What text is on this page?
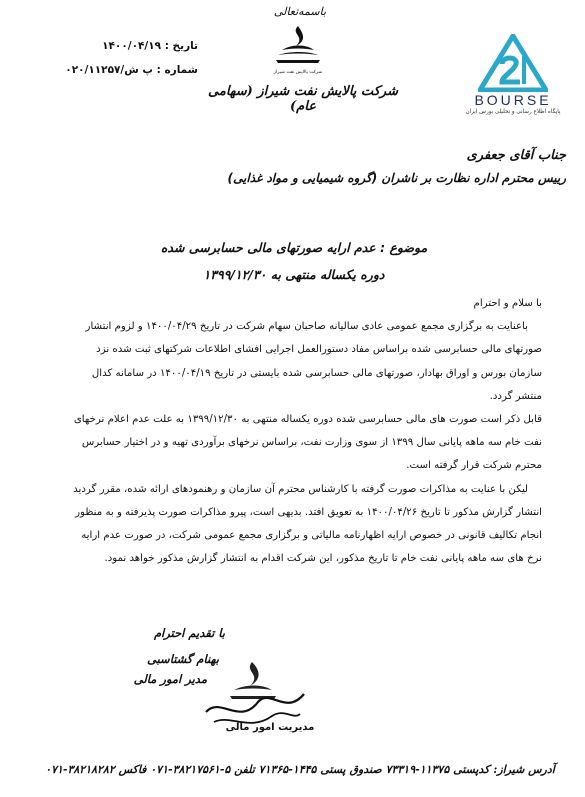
باسمه‌تعالی
تاریخ : ۱۴۰۰/۰۴/۱۹
شماره : پ ش/۰۲۰/۱۱۲۵۷	شرکت پالایش نفت شیراز
شرکت پالایش نفت شیراز (سهامی عام)	BOURSE
پایگاه اطلاع رسانی و تحلیلی بورس ایران
جناب آقای جعفری
رییس محترم اداره نظارت بر ناشران (گروه شیمیایی و مواد غذایی)
موضوع : عدم ارایه صورتهای مالی حسابرسی شده
دوره یکساله منتهی به ۱۳۹۹/۱۲/۳۰

با سلام و احترام

باعنایت به برگزاری مجمع عمومی عادی سالیانه صاحبان سهام شرکت در تاریخ ۱۴۰۰/۰۴/۲۹ و لزوم انتشار صورتهای مالی حسابرسی شده براساس مفاد دستورالعمل اجرایی افشای اطلاعات شرکتهای ثبت شده نزد سازمان بورس و اوراق بهادار، صورتهای مالی حسابرسی شده بایستی در تاریخ ۱۴۰۰/۰۴/۱۹ در سامانه کدال منتشر گردد.

قابل ذکر است صورت های مالی حسابرسی شده دوره یکساله منتهی به ۱۳۹۹/۱۲/۳۰ به علت عدم اعلام نرخهای نفت خام سه ماهه پایانی سال ۱۳۹۹ از سوی وزارت نفت، براساس نرخهای برآوردی تهیه و در اختیار حسابرس محترم شرکت قرار گرفته است.

لیکن با عنایت به مذاکرات صورت گرفته با کارشناس محترم آن سازمان و رهنمودهای ارائه شده، مقرر گردید انتشار گزارش مذکور تا تاریخ ۱۴۰۰/۰۴/۲۶ به تعویق افتد. بدیهی است، پیرو مذاکرات صورت پذیرفته و به منظور انجام تکالیف قانونی در خصوص ارایه اظهارنامه مالیاتی و برگزاری مجمع عمومی شرکت، در صورت عدم ارایه نرخ های سه ماهه پایانی نفت خام تا تاریخ مذکور، این شرکت اقدام به انتشار گزارش مذکور خواهد نمود.

با تقدیم احترام
بهنام گشتاسبی
مدیر امور مالی
مدیریت امور مالی
آدرس شیراز: کدپستی ۱۱۳۷۵-۷۳۳۱۹ صندوق پستی ۱۴۴۵-۷۱۳۶۵ تلفن ۵-۳۸۲۱۷۵۶۱-۰۷۱ فاکس ۳۸۲۱۸۲۸۲-۰۷۱
